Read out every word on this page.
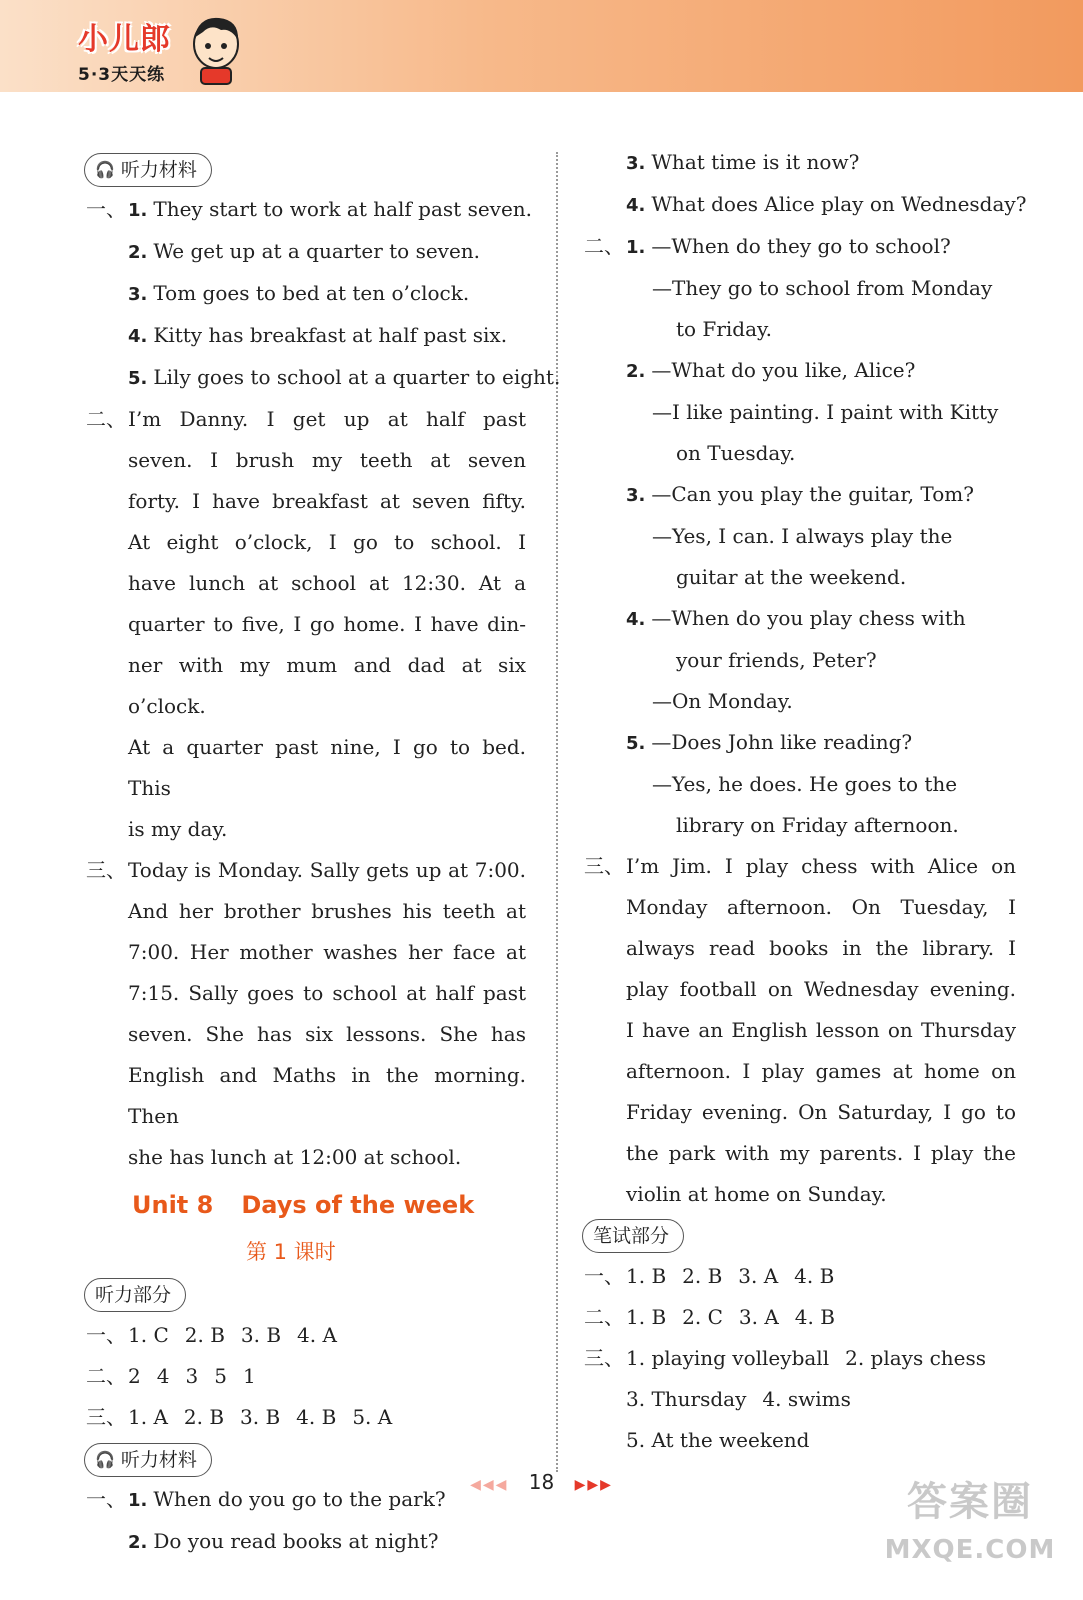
小儿郎
5·3天天练
🎧 听力材料
一、 1. They start to work at half past seven.
2. We get up at a quarter to seven.
3. Tom goes to bed at ten o’clock.
4. Kitty has breakfast at half past six.
5. Lily goes to school at a quarter to eight.
二、 I’m Danny. I get up at half past
seven. I brush my teeth at seven
forty. I have breakfast at seven fifty.
At eight o’clock, I go to school. I
have lunch at school at 12:30. At a
quarter to five, I go home. I have din-
ner with my mum and dad at six o’clock.
At a quarter past nine, I go to bed. This
is my day.
三、 Today is Monday. Sally gets up at 7:00.
And her brother brushes his teeth at
7:00. Her mother washes her face at
7:15. Sally goes to school at half past
seven. She has six lessons. She has
English and Maths in the morning. Then
she has lunch at 12:00 at school.
Unit 8 Days of the week
第 1 课时
听力部分
一、 1. C 2. B 3. B 4. A
二、 2 4 3 5 1
三、 1. A 2. B 3. B 4. B 5. A
🎧 听力材料
一、 1. When do you go to the park?
2. Do you read books at night?
3. What time is it now?
4. What does Alice play on Wednesday?
二、 1. —When do they go to school?
—They go to school from Monday
to Friday.
2. —What do you like, Alice?
—I like painting. I paint with Kitty
on Tuesday.
3. —Can you play the guitar, Tom?
—Yes, I can. I always play the
guitar at the weekend.
4. —When do you play chess with
your friends, Peter?
—On Monday.
5. —Does John like reading?
—Yes, he does. He goes to the
library on Friday afternoon.
三、 I’m Jim. I play chess with Alice on
Monday afternoon. On Tuesday, I
always read books in the library. I
play football on Wednesday evening.
I have an English lesson on Thursday
afternoon. I play games at home on
Friday evening. On Saturday, I go to
the park with my parents. I play the
violin at home on Sunday.
笔试部分
一、 1. B 2. B 3. A 4. B
二、 1. B 2. C 3. A 4. B
三、 1. playing volleyball 2. plays chess
3. Thursday 4. swims
5. At the weekend
◀◀◀ 18 ▶▶▶	答案圈
MXQE.COM
